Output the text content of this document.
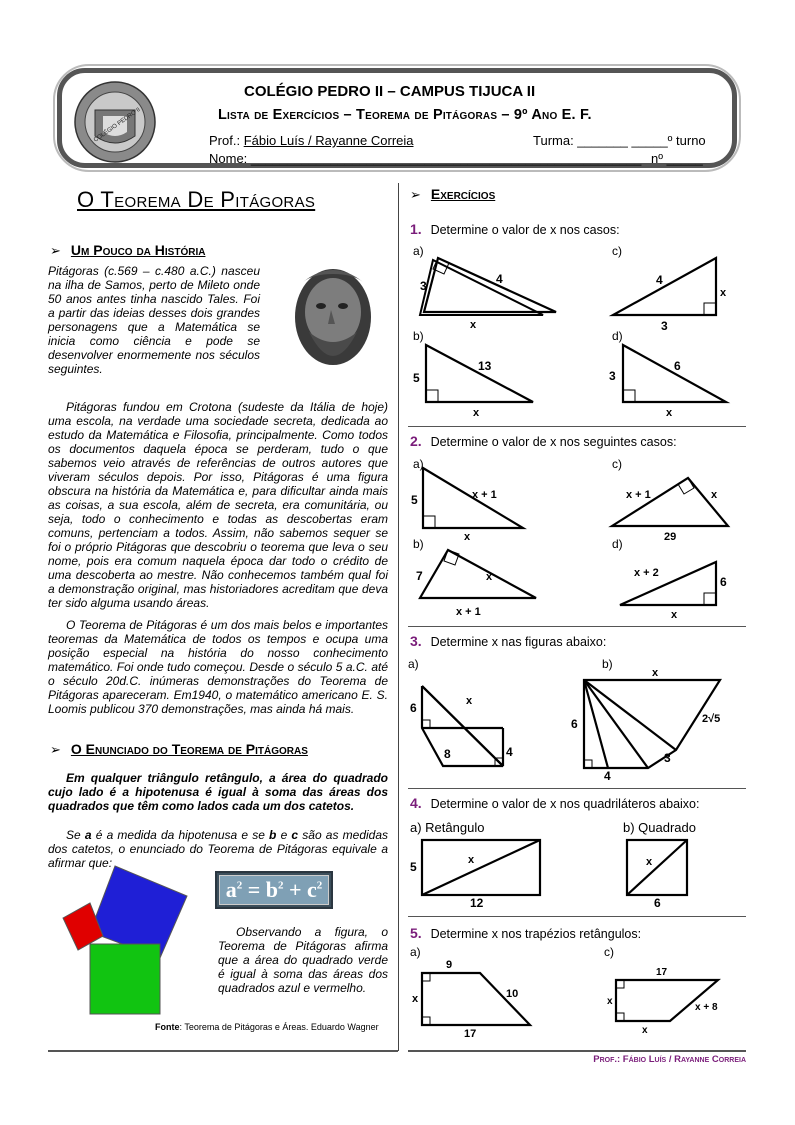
COLÉGIO PEDRO II
COLÉGIO PEDRO II – CAMPUS TIJUCA II
Lista de Exercícios – Teorema de Pitágoras – 9º Ano E. F.
Prof.: Fábio Luís / Rayanne Correia	Turma: _______ _____º turno
Nome: ______________________________________________________ nº _____
O Teorema De Pitágoras
➢ Um Pouco da História
Pitágoras (c.569 – c.480 a.C.) nasceu na ilha de Samos, perto de Mileto onde 50 anos antes tinha nascido Tales. Foi a partir das ideias desses dois grandes personagens que a Matemática se inicia como ciência e pode se desenvolver enormemente nos séculos seguintes.
Pitágoras fundou em Crotona (sudeste da Itália de hoje) uma escola, na verdade uma sociedade secreta, dedicada ao estudo da Matemática e Filosofia, principalmente. Como todos os documentos daquela época se perderam, tudo o que sabemos veio através de referências de outros autores que viveram séculos depois. Por isso, Pitágoras é uma figura obscura na história da Matemática e, para dificultar ainda mais as coisas, a sua escola, além de secreta, era comunitária, ou seja, todo o conhecimento e todas as descobertas eram comuns, pertenciam a todos. Assim, não sabemos sequer se foi o próprio Pitágoras que descobriu o teorema que leva o seu nome, pois era comum naquela época dar todo o crédito de uma descoberta ao mestre. Não conhecemos também qual foi a demonstração original, mas historiadores acreditam que deva ter sido alguma usando áreas.
O Teorema de Pitágoras é um dos mais belos e importantes teoremas da Matemática de todos os tempos e ocupa uma posição especial na história do nosso conhecimento matemático. Foi onde tudo começou. Desde o século 5 a.C. até o século 20d.C. inúmeras demonstrações do Teorema de Pitágoras apareceram. Em1940, o matemático americano E. S. Loomis publicou 370 demonstrações, mas ainda há mais.
➢ O Enunciado do Teorema de Pitágoras
Em qualquer triângulo retângulo, a área do quadrado cujo lado é a hipotenusa é igual à soma das áreas dos quadrados que têm como lados cada um dos catetos.
Se a é a medida da hipotenusa e se b e c são as medidas dos catetos, o enunciado do Teorema de Pitágoras equivale a afirmar que:
$a^2 = b^2 + c^2$
Observando a figura, o Teorema de Pitágoras afirma que a área do quadrado verde é igual à soma das áreas dos quadrados azul e vermelho.
Fonte: Teorema de Pitágoras e Áreas. Eduardo Wagner
➢ Exercícios
1. Determine o valor de x nos casos:
a)	c)
b)	d)
3	4
x
4
x
3
13
5
x
6
3
x
2. Determine o valor de x nos seguintes casos:
a)	c)
b)	d)
5	x + 1
x
x + 1	x
29
7	x
x + 1
x + 2
6
x
3. Determine x nas figuras abaixo:
a)	b)
6	x
8	4
x
6	2√5
3
4
4. Determine o valor de x nos quadriláteros abaixo:
a) Retângulo	b) Quadrado
5	x
12
x
6
5. Determine x nos trapézios retângulos:
a)	c)
9
10
x
17
17
x
x + 8
x
Prof.: Fábio Luís / Rayanne Correia
